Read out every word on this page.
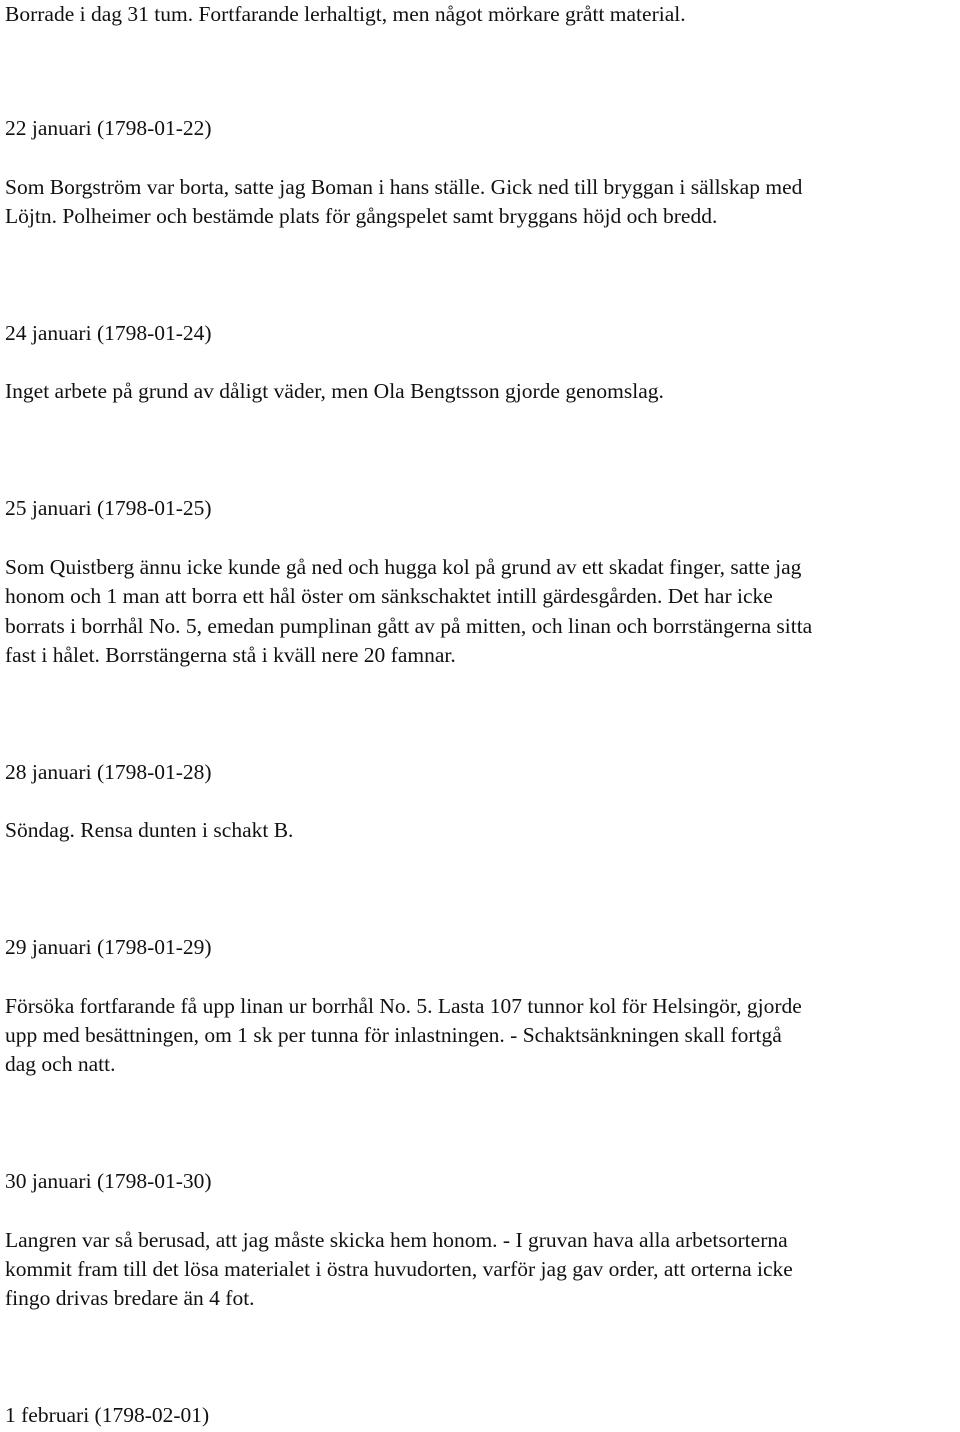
Borrade i dag 31 tum. Fortfarande lerhaltigt, men något mörkare grått material.

22 januari (1798-01-22)

Som Borgström var borta, satte jag Boman i hans ställe. Gick ned till bryggan i sällskap med

Löjtn. Polheimer och bestämde plats för gångspelet samt bryggans höjd och bredd.

24 januari (1798-01-24)

Inget arbete på grund av dåligt väder, men Ola Bengtsson gjorde genomslag.

25 januari (1798-01-25)

Som Quistberg ännu icke kunde gå ned och hugga kol på grund av ett skadat finger, satte jag

honom och 1 man att borra ett hål öster om sänkschaktet intill gärdesgården. Det har icke

borrats i borrhål No. 5, emedan pumplinan gått av på mitten, och linan och borrstängerna sitta

fast i hålet. Borrstängerna stå i kväll nere 20 famnar.

28 januari (1798-01-28)

Söndag. Rensa dunten i schakt B.

29 januari (1798-01-29)

Försöka fortfarande få upp linan ur borrhål No. 5. Lasta 107 tunnor kol för Helsingör, gjorde

upp med besättningen, om 1 sk per tunna för inlastningen. - Schaktsänkningen skall fortgå

dag och natt.

30 januari (1798-01-30)

Langren var så berusad, att jag måste skicka hem honom. - I gruvan hava alla arbetsorterna

kommit fram till det lösa materialet i östra huvudorten, varför jag gav order, att orterna icke

fingo drivas bredare än 4 fot.

1 februari (1798-02-01)
